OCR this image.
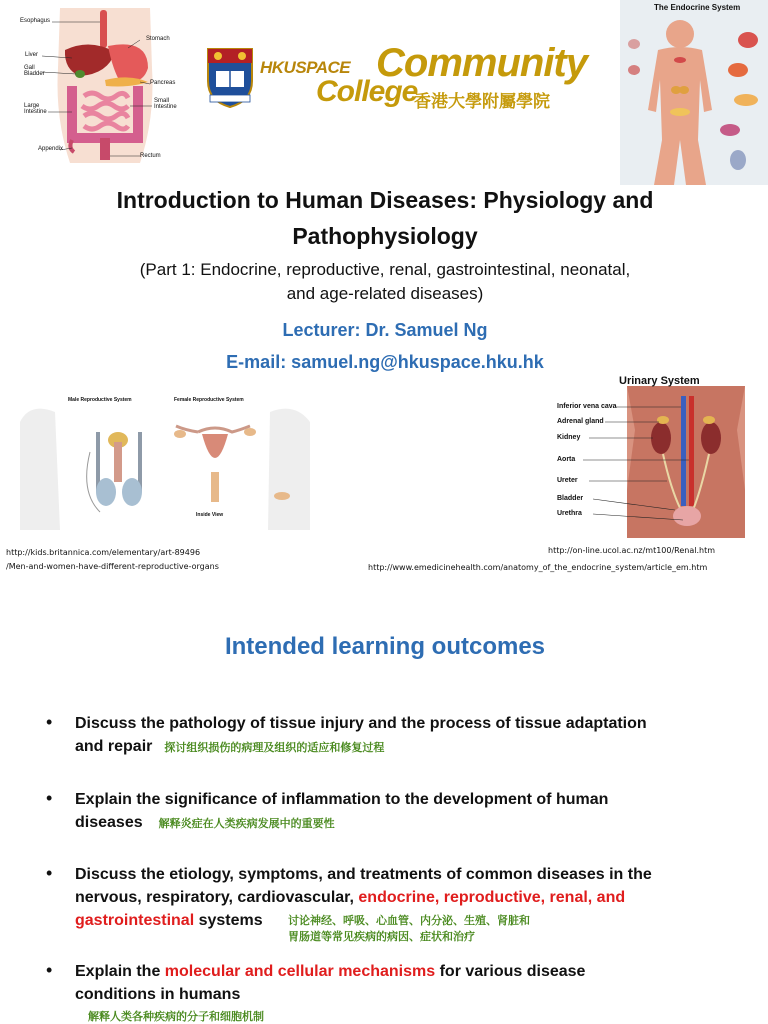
Esophagus
Stomach
Liver
Gall Bladder
Pancreas
Small Intestine
Large Intestine
Appendix
Rectum
HKUSPACE Community
College
香港大學附屬學院
The Endocrine System
Introduction to Human Diseases: Physiology and
Pathophysiology
(Part 1: Endocrine, reproductive, renal, gastrointestinal, neonatal,
and age-related diseases)
Lecturer: Dr. Samuel Ng
E-mail: samuel.ng@hkuspace.hku.hk
Male Reproductive System	Female Reproductive System
Inside View
Urinary System
Inferior vena cava
Adrenal gland
Kidney
Aorta
Ureter
Bladder
Urethra
http://kids.britannica.com/elementary/art-89496
/Men-and-women-have-different-reproductive-organs
http://on-line.ucol.ac.nz/mt100/Renal.htm
http://www.emedicinehealth.com/anatomy_of_the_endocrine_system/article_em.htm
Intended learning outcomes
• Discuss the pathology of tissue injury and the process of tissue adaptation
and repair 探讨组织损伤的病理及组织的适应和修复过程
• Explain the significance of inflammation to the development of human
diseases 解释炎症在人类疾病发展中的重要性
• Discuss the etiology, symptoms, and treatments of common diseases in the
nervous, respiratory, cardiovascular, endocrine, reproductive, renal, and
gastrointestinal systems	讨论神经、呼吸、心血管、内分泌、生殖、肾脏和
胃肠道等常见疾病的病因、症状和治疗
• Explain the molecular and cellular mechanisms for various disease
conditions in humans
解释人类各种疾病的分子和细胞机制
